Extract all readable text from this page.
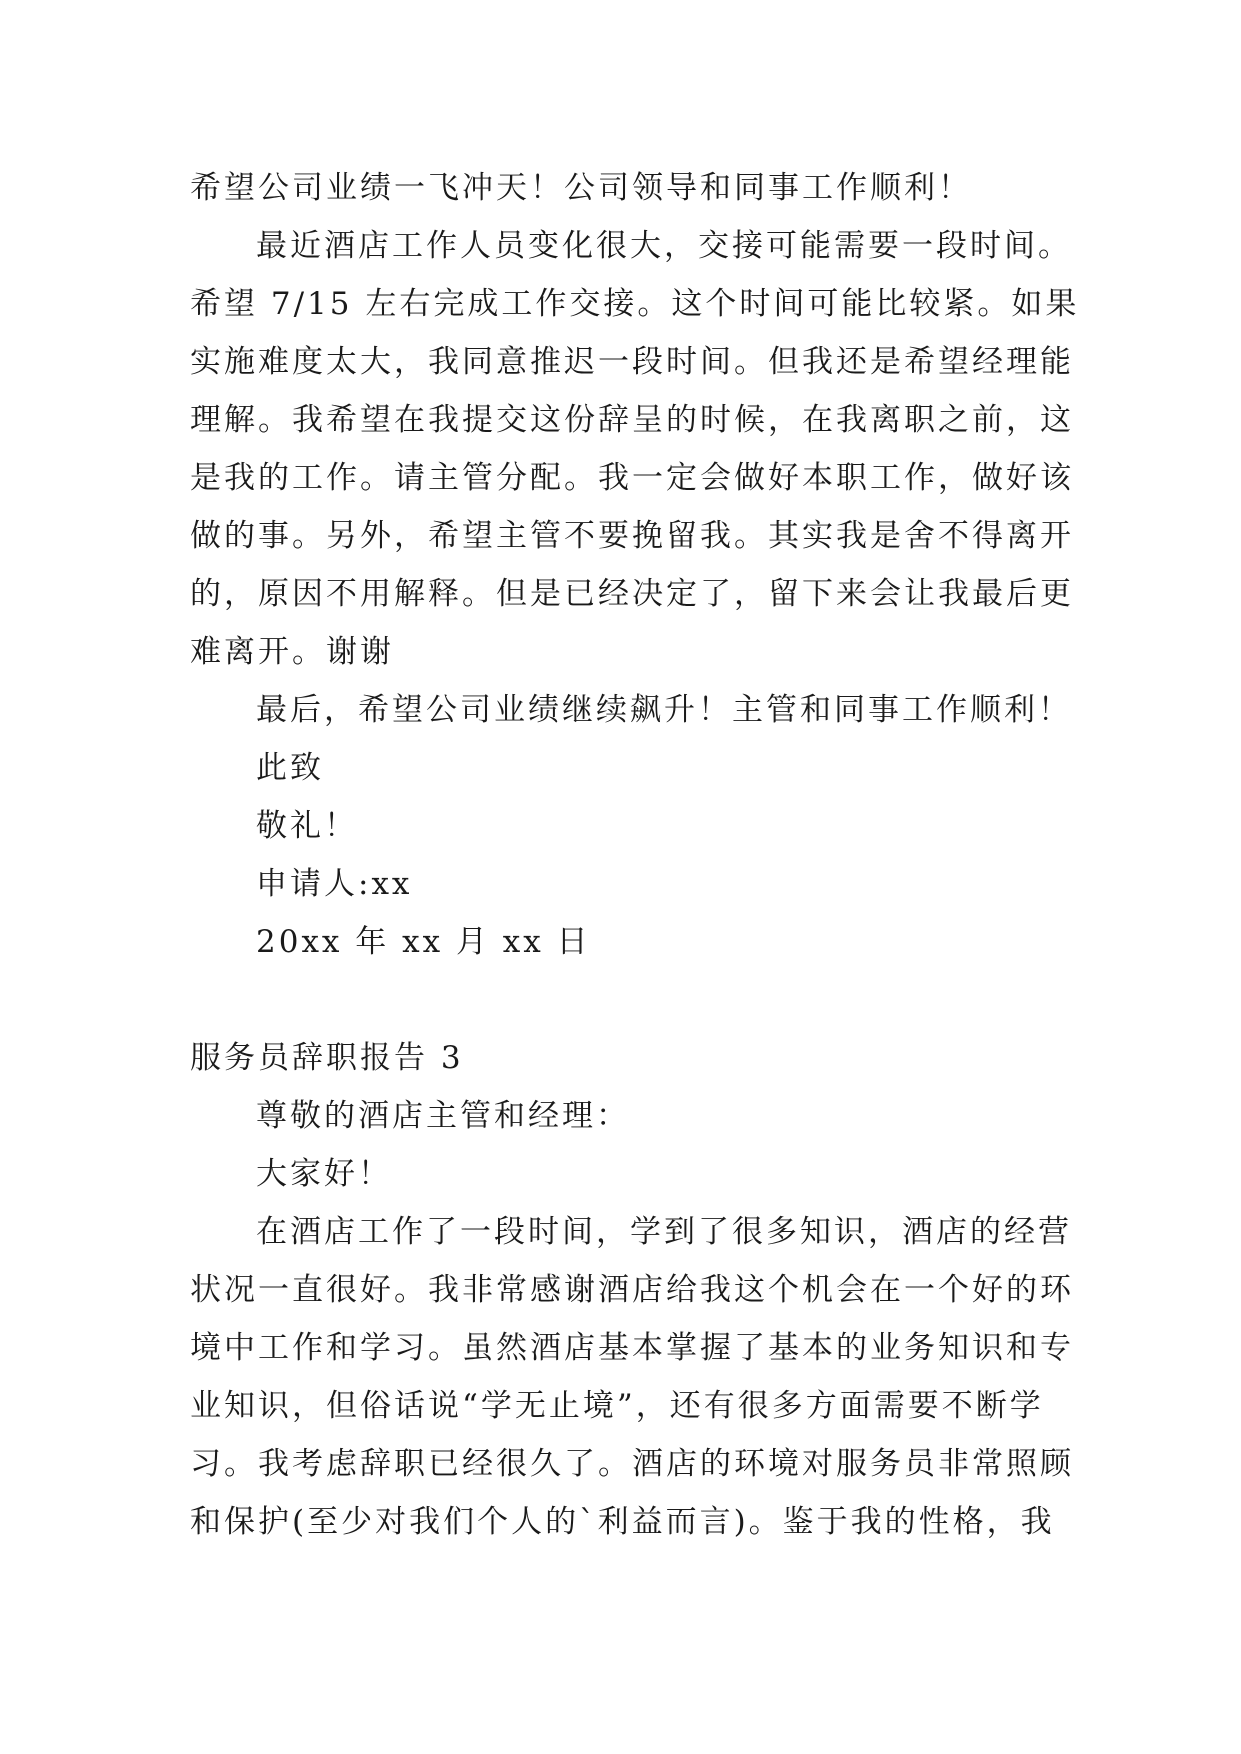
希望公司业绩一飞冲天！公司领导和同事工作顺利！
最近酒店工作人员变化很大，交接可能需要一段时间。
希望 7/15 左右完成工作交接。这个时间可能比较紧。如果
实施难度太大，我同意推迟一段时间。但我还是希望经理能
理解。我希望在我提交这份辞呈的时候，在我离职之前，这
是我的工作。请主管分配。我一定会做好本职工作，做好该
做的事。另外，希望主管不要挽留我。其实我是舍不得离开
的，原因不用解释。但是已经决定了，留下来会让我最后更
难离开。谢谢
最后，希望公司业绩继续飙升！主管和同事工作顺利！
此致
敬礼！
申请人:xx
20xx 年 xx 月 xx 日
服务员辞职报告 3
尊敬的酒店主管和经理：
大家好！
在酒店工作了一段时间，学到了很多知识，酒店的经营
状况一直很好。我非常感谢酒店给我这个机会在一个好的环
境中工作和学习。虽然酒店基本掌握了基本的业务知识和专
业知识，但俗话说“学无止境”，还有很多方面需要不断学
习。我考虑辞职已经很久了。酒店的环境对服务员非常照顾
和保护(至少对我们个人的`利益而言)。鉴于我的性格，我
